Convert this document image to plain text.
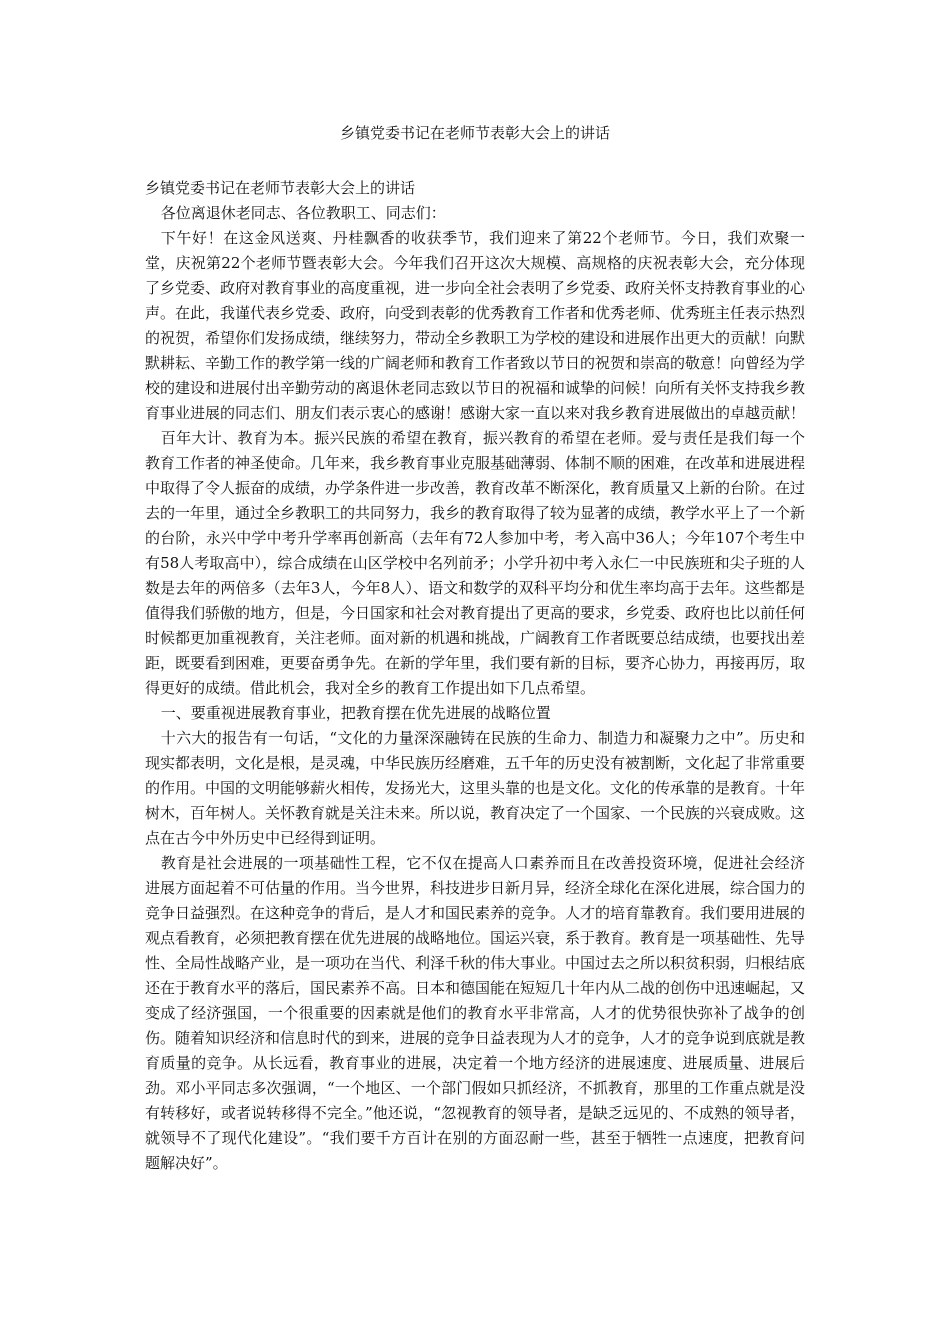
乡镇党委书记在老师节表彰大会上的讲话

乡镇党委书记在老师节表彰大会上的讲话

各位离退休老同志、各位教职工、同志们：

下午好！在这金风送爽、丹桂飘香的收获季节，我们迎来了第22个老师节。今日，我们欢聚一堂，庆祝第22个老师节暨表彰大会。今年我们召开这次大规模、高规格的庆祝表彰大会，充分体现了乡党委、政府对教育事业的高度重视，进一步向全社会表明了乡党委、政府关怀支持教育事业的心声。在此，我谨代表乡党委、政府，向受到表彰的优秀教育工作者和优秀老师、优秀班主任表示热烈的祝贺，希望你们发扬成绩，继续努力，带动全乡教职工为学校的建设和进展作出更大的贡献！向默默耕耘、辛勤工作的教学第一线的广阔老师和教育工作者致以节日的祝贺和崇高的敬意！向曾经为学校的建设和进展付出辛勤劳动的离退休老同志致以节日的祝福和诚挚的问候！向所有关怀支持我乡教育事业进展的同志们、朋友们表示衷心的感谢！感谢大家一直以来对我乡教育进展做出的卓越贡献！

百年大计、教育为本。振兴民族的希望在教育，振兴教育的希望在老师。爱与责任是我们每一个教育工作者的神圣使命。几年来，我乡教育事业克服基础薄弱、体制不顺的困难，在改革和进展进程中取得了令人振奋的成绩，办学条件进一步改善，教育改革不断深化，教育质量又上新的台阶。在过去的一年里，通过全乡教职工的共同努力，我乡的教育取得了较为显著的成绩，教学水平上了一个新的台阶，永兴中学中考升学率再创新高（去年有72人参加中考，考入高中36人；今年107个考生中有58人考取高中），综合成绩在山区学校中名列前矛；小学升初中考入永仁一中民族班和尖子班的人数是去年的两倍多（去年3人，今年8人）、语文和数学的双科平均分和优生率均高于去年。这些都是值得我们骄傲的地方，但是，今日国家和社会对教育提出了更高的要求，乡党委、政府也比以前任何时候都更加重视教育，关注老师。面对新的机遇和挑战，广阔教育工作者既要总结成绩，也要找出差距，既要看到困难，更要奋勇争先。在新的学年里，我们要有新的目标，要齐心协力，再接再厉，取得更好的成绩。借此机会，我对全乡的教育工作提出如下几点希望。

一、要重视进展教育事业，把教育摆在优先进展的战略位置

十六大的报告有一句话，“文化的力量深深融铸在民族的生命力、制造力和凝聚力之中”。历史和现实都表明，文化是根，是灵魂，中华民族历经磨难，五千年的历史没有被割断，文化起了非常重要的作用。中国的文明能够薪火相传，发扬光大，这里头靠的也是文化。文化的传承靠的是教育。十年树木，百年树人。关怀教育就是关注未来。所以说，教育决定了一个国家、一个民族的兴衰成败。这点在古今中外历史中已经得到证明。

教育是社会进展的一项基础性工程，它不仅在提高人口素养而且在改善投资环境，促进社会经济进展方面起着不可估量的作用。当今世界，科技进步日新月异，经济全球化在深化进展，综合国力的竞争日益强烈。在这种竞争的背后，是人才和国民素养的竞争。人才的培育靠教育。我们要用进展的观点看教育，必须把教育摆在优先进展的战略地位。国运兴衰，系于教育。教育是一项基础性、先导性、全局性战略产业，是一项功在当代、利泽千秋的伟大事业。中国过去之所以积贫积弱，归根结底还在于教育水平的落后，国民素养不高。日本和德国能在短短几十年内从二战的创伤中迅速崛起，又变成了经济强国，一个很重要的因素就是他们的教育水平非常高，人才的优势很快弥补了战争的创伤。随着知识经济和信息时代的到来，进展的竞争日益表现为人才的竞争，人才的竞争说到底就是教育质量的竞争。从长远看，教育事业的进展，决定着一个地方经济的进展速度、进展质量、进展后劲。邓小平同志多次强调，“一个地区、一个部门假如只抓经济，不抓教育，那里的工作重点就是没有转移好，或者说转移得不完全。”他还说，“忽视教育的领导者，是缺乏远见的、不成熟的领导者，就领导不了现代化建设”。“我们要千方百计在别的方面忍耐一些，甚至于牺牲一点速度，把教育问题解决好”。
